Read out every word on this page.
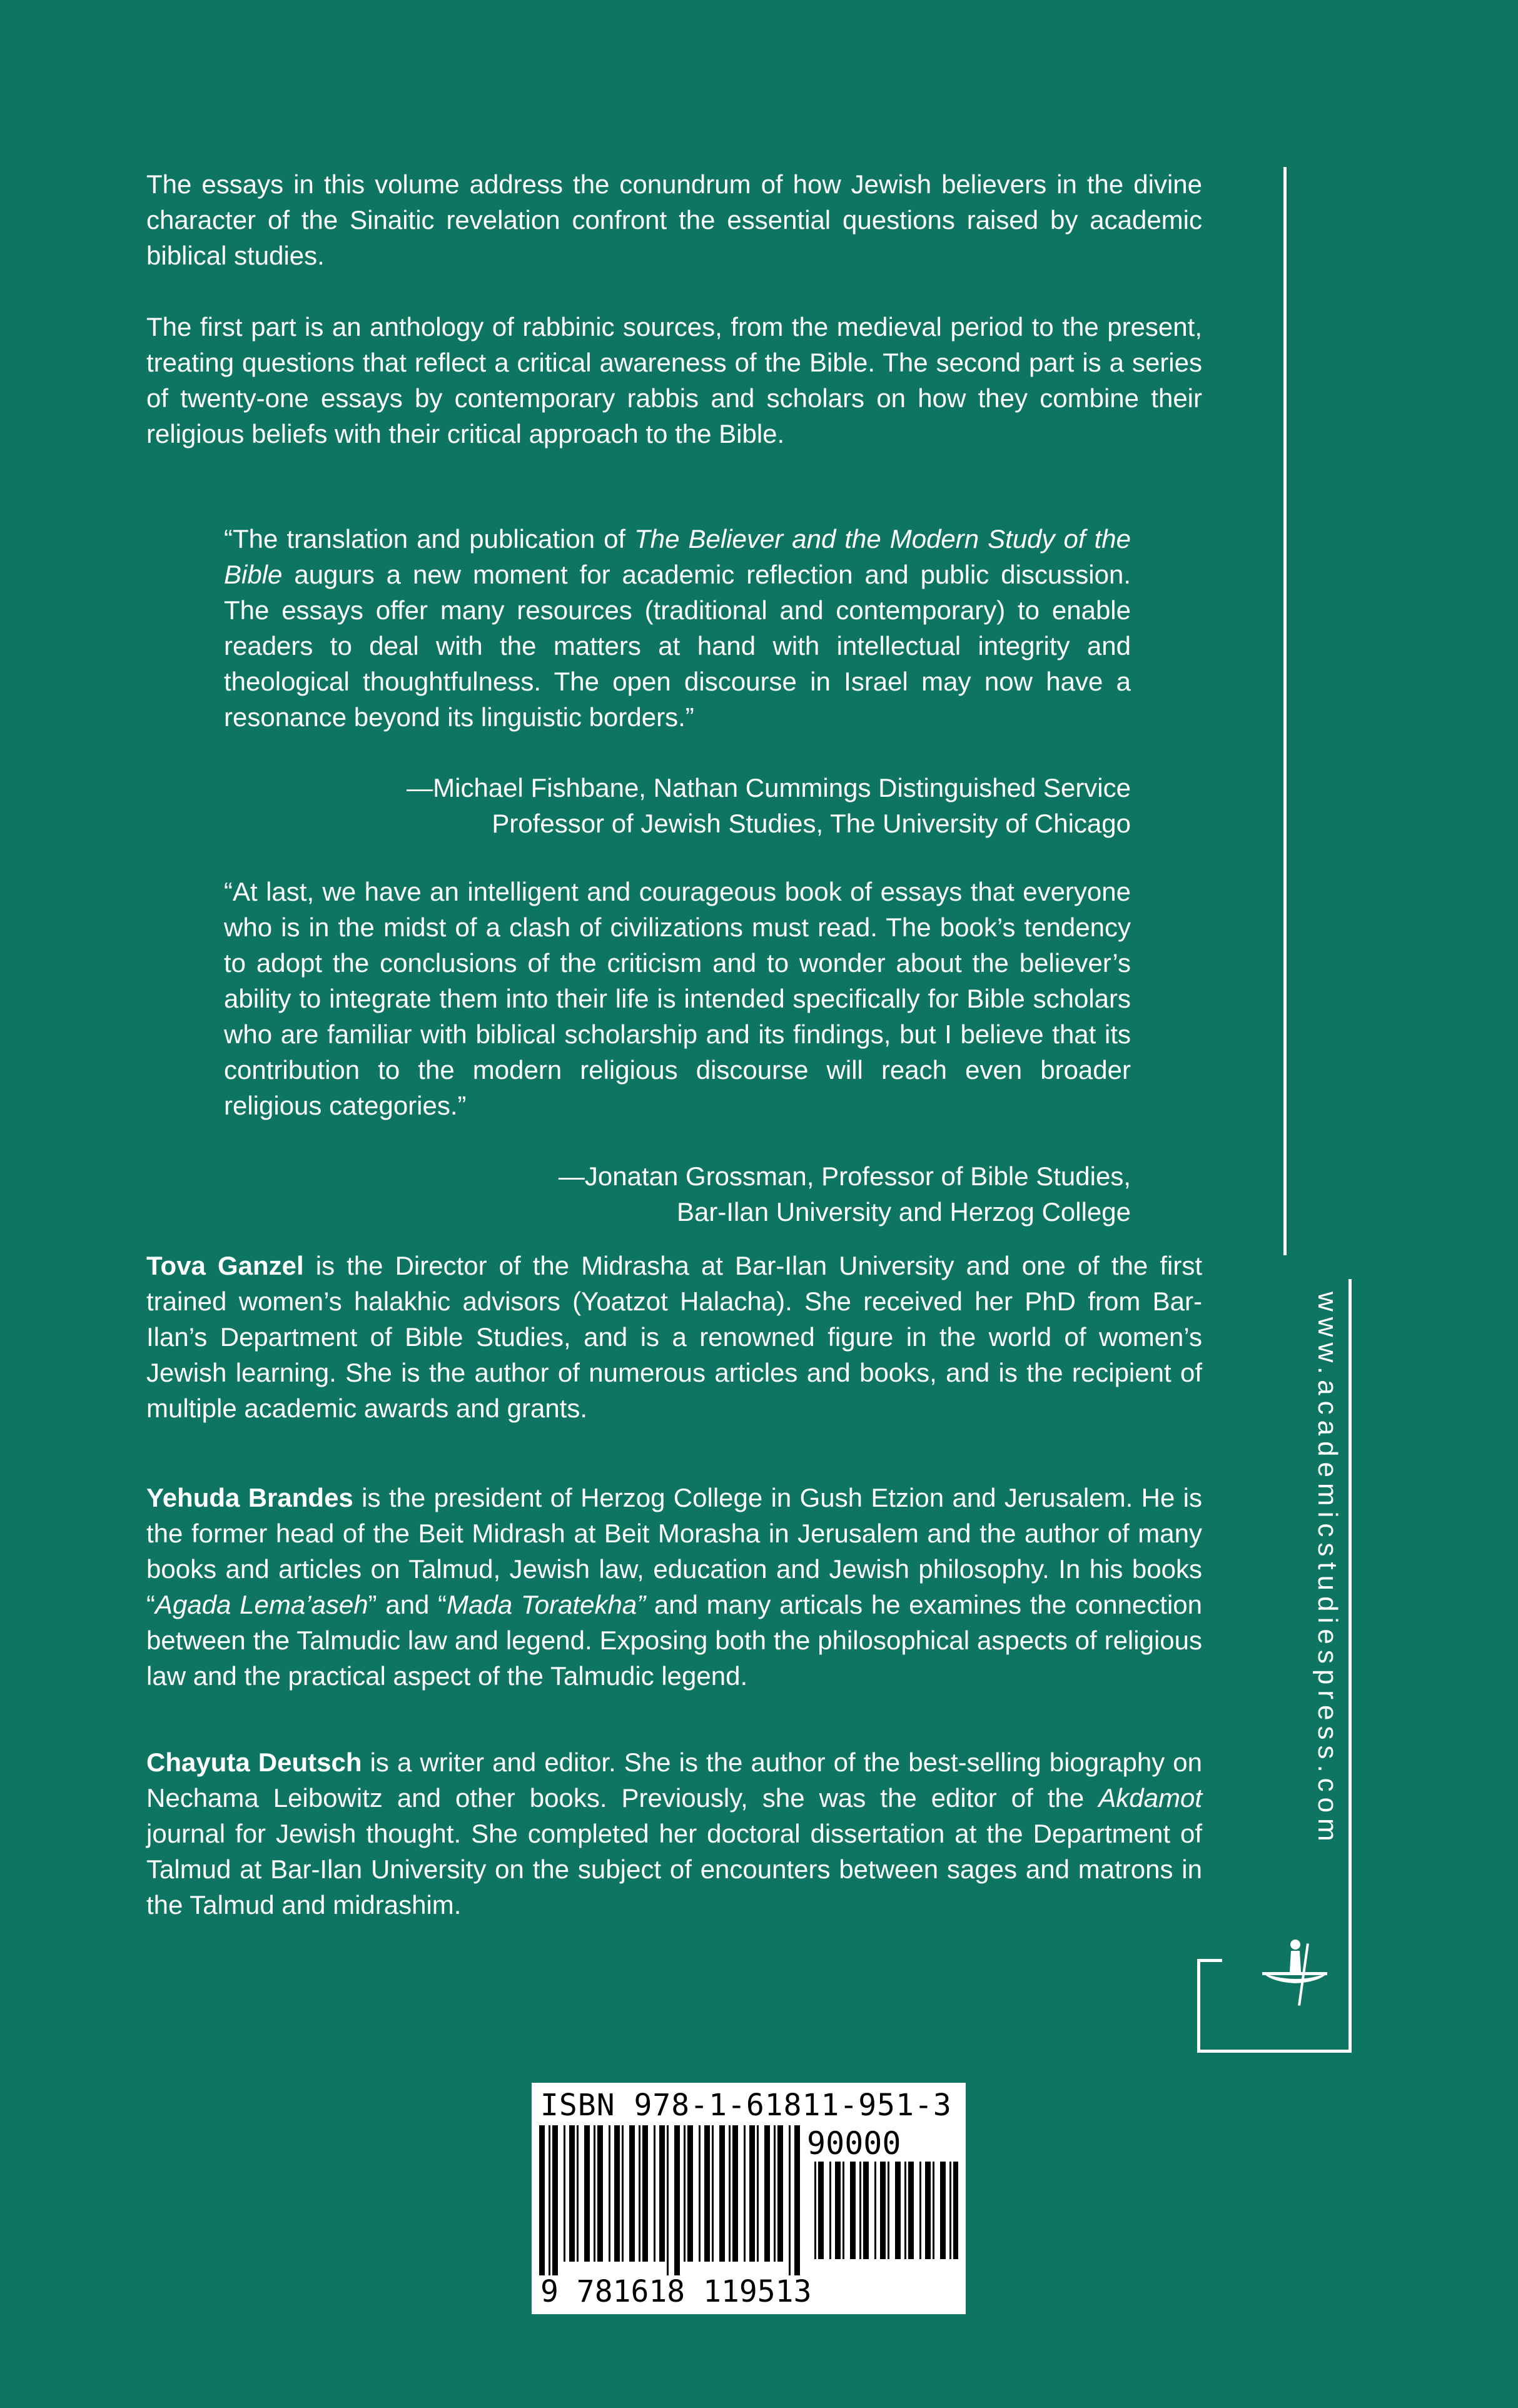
The essays in this volume address the conundrum of how Jewish believers in the divine character of the Sinaitic revelation confront the essential questions raised by academic biblical studies.

The first part is an anthology of rabbinic sources, from the medieval period to the present, treating questions that reflect a critical awareness of the Bible. The second part is a series of twenty-one essays by contemporary rabbis and scholars on how they combine their religious beliefs with their critical approach to the Bible.

“The translation and publication of The Believer and the Modern Study of the Bible augurs a new moment for academic reflection and public discussion. The essays offer many resources (traditional and contemporary) to enable readers to deal with the matters at hand with intellectual integrity and theological thoughtfulness. The open discourse in Israel may now have a resonance beyond its linguistic borders.”

—Michael Fishbane, Nathan Cummings Distinguished Service
Professor of Jewish Studies, The University of Chicago

“At last, we have an intelligent and courageous book of essays that everyone who is in the midst of a clash of civilizations must read. The book’s tendency to adopt the conclusions of the criticism and to wonder about the believer’s ability to integrate them into their life is intended specifically for Bible scholars who are familiar with biblical scholarship and its findings, but I believe that its contribution to the modern religious discourse will reach even broader religious categories.”

—Jonatan Grossman, Professor of Bible Studies,
Bar-Ilan University and Herzog College

Tova Ganzel is the Director of the Midrasha at Bar-Ilan University and one of the first trained women’s halakhic advisors (Yoatzot Halacha). She received her PhD from Bar-Ilan’s Department of Bible Studies, and is a renowned figure in the world of women’s Jewish learning. She is the author of numerous articles and books, and is the recipient of multiple academic awards and grants.

Yehuda Brandes is the president of Herzog College in Gush Etzion and Jerusalem. He is the former head of the Beit Midrash at Beit Morasha in Jerusalem and the author of many books and articles on Talmud, Jewish law, education and Jewish philosophy. In his books “Agada Lema’aseh” and “Mada Toratekha” and many articals he examines the connection between the Talmudic law and legend. Exposing both the philosophical aspects of religious law and the practical aspect of the Talmudic legend.

Chayuta Deutsch is a writer and editor. She is the author of the best-selling biography on Nechama Leibowitz and other books. Previously, she was the editor of the Akdamot journal for Jewish thought. She completed her doctoral dissertation at the Department of Talmud at Bar-Ilan University on the subject of encounters between sages and matrons in the Talmud and midrashim.

www.academicstudiespress.com
ISBN 978-1-61811-951-3
90000
9 781618 119513
